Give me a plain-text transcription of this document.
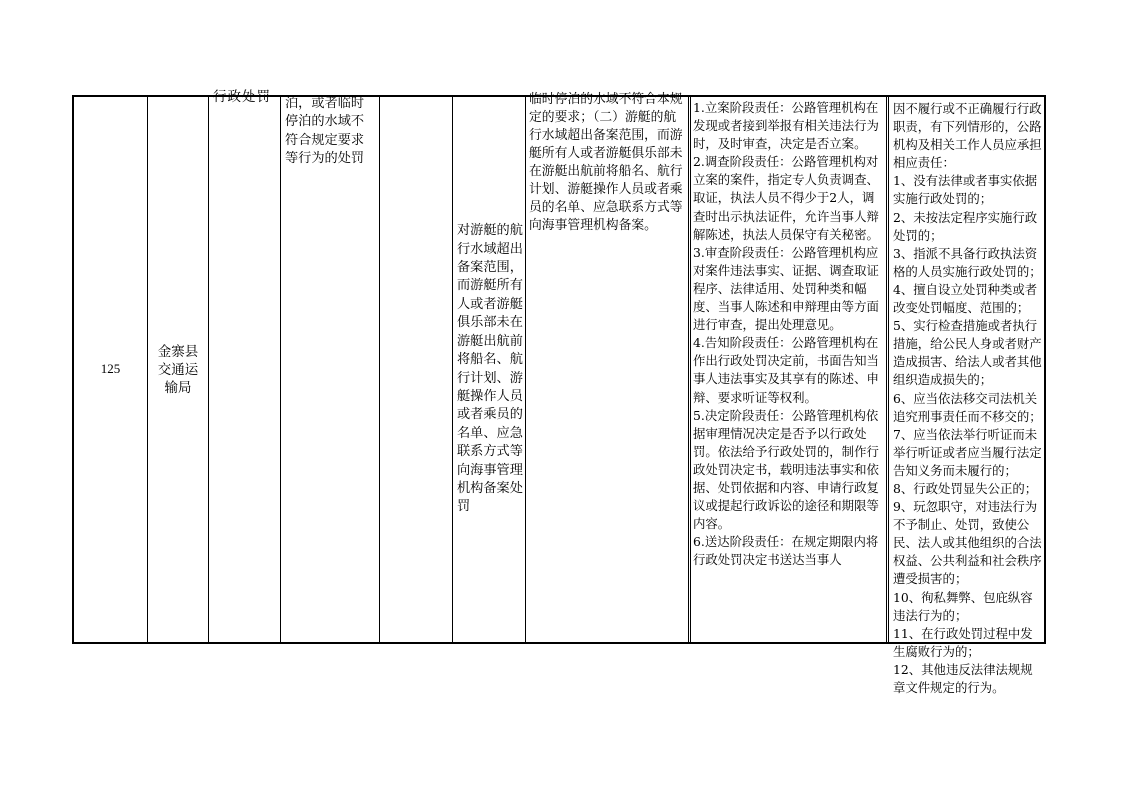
125
金寨县交通运输局
行政处罚	泊，或者临时停泊的水域不符合规定要求等行为的处罚
对游艇的航行水域超出备案范围，而游艇所有人或者游艇俱乐部未在游艇出航前将船名、航行计划、游艇操作人员或者乘员的名单、应急联系方式等向海事管理机构备案处罚
临时停泊的水域不符合本规定的要求；（二）游艇的航行水域超出备案范围，而游艇所有人或者游艇俱乐部未在游艇出航前将船名、航行计划、游艇操作人员或者乘员的名单、应急联系方式等向海事管理机构备案。

1.立案阶段责任：公路管理机构在发现或者接到举报有相关违法行为时，及时审查，决定是否立案。

2.调查阶段责任：公路管理机构对立案的案件，指定专人负责调查、取证，执法人员不得少于2人，调查时出示执法证件，允许当事人辩解陈述，执法人员保守有关秘密。

3.审查阶段责任：公路管理机构应对案件违法事实、证据、调查取证程序、法律适用、处罚种类和幅度、当事人陈述和申辩理由等方面进行审查，提出处理意见。

4.告知阶段责任：公路管理机构在作出行政处罚决定前，书面告知当事人违法事实及其享有的陈述、申辩、要求听证等权利。

5.决定阶段责任：公路管理机构依据审理情况决定是否予以行政处罚。依法给予行政处罚的，制作行政处罚决定书，载明违法事实和依据、处罚依据和内容、申请行政复议或提起行政诉讼的途径和期限等内容。

6.送达阶段责任：在规定期限内将行政处罚决定书送达当事人

因不履行或不正确履行行政职责，有下列情形的，公路机构及相关工作人员应承担相应责任：

1、没有法律或者事实依据实施行政处罚的；

2、未按法定程序实施行政处罚的；

3、指派不具备行政执法资格的人员实施行政处罚的；

4、擅自设立处罚种类或者改变处罚幅度、范围的；

5、实行检查措施或者执行措施，给公民人身或者财产造成损害、给法人或者其他组织造成损失的；

6、应当依法移交司法机关追究刑事责任而不移交的；

7、应当依法举行听证而未举行听证或者应当履行法定告知义务而未履行的；

8、行政处罚显失公正的；

9、玩忽职守，对违法行为不予制止、处罚，致使公民、法人或其他组织的合法权益、公共利益和社会秩序遭受损害的；

10、徇私舞弊、包庇纵容违法行为的；

11、在行政处罚过程中发生腐败行为的；

12、其他违反法律法规规章文件规定的行为。
